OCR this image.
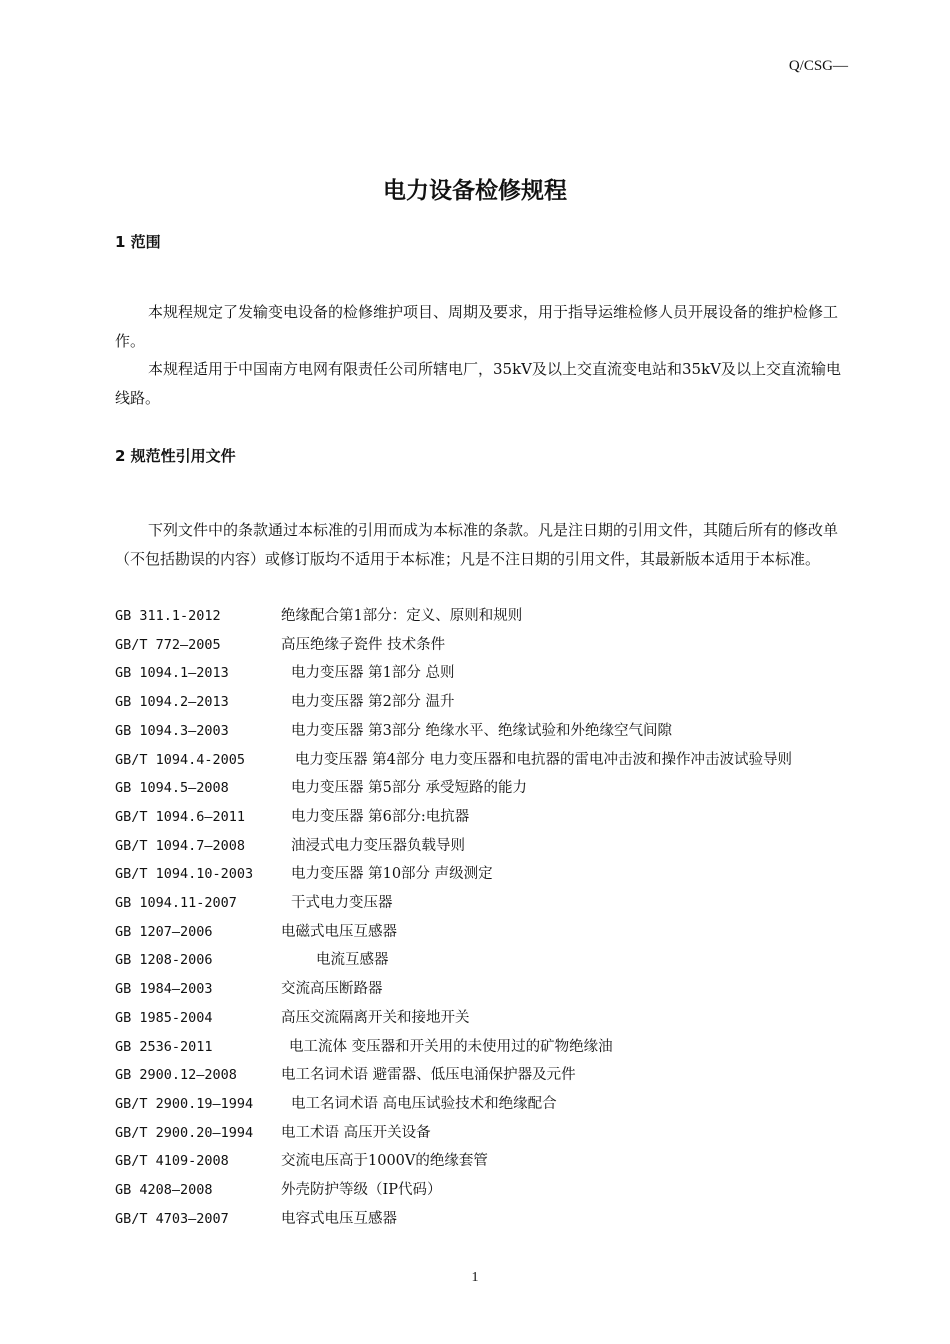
Q/CSG—
电力设备检修规程
1 范围

本规程规定了发输变电设备的检修维护项目、周期及要求，用于指导运维检修人员开展设备的维护检修工作。

本规程适用于中国南方电网有限责任公司所辖电厂，35kV及以上交直流变电站和35kV及以上交直流输电线路。

2 规范性引用文件

下列文件中的条款通过本标准的引用而成为本标准的条款。凡是注日期的引用文件，其随后所有的修改单（不包括勘误的内容）或修订版均不适用于本标准；凡是不注日期的引用文件，其最新版本适用于本标准。

GB 311.1-2012	绝缘配合第1部分：定义、原则和规则
GB/T 772—2005	高压绝缘子瓷件 技术条件
GB 1094.1—2013	电力变压器 第1部分 总则
GB 1094.2—2013	电力变压器 第2部分 温升
GB 1094.3—2003	电力变压器 第3部分 绝缘水平、绝缘试验和外绝缘空气间隙
GB/T 1094.4-2005	电力变压器 第4部分 电力变压器和电抗器的雷电冲击波和操作冲击波试验导则
GB 1094.5—2008	电力变压器 第5部分 承受短路的能力
GB/T 1094.6—2011	电力变压器 第6部分:电抗器
GB/T 1094.7—2008	油浸式电力变压器负载导则
GB/T 1094.10-2003	电力变压器 第10部分 声级测定
GB 1094.11-2007	干式电力变压器
GB 1207—2006	电磁式电压互感器
GB 1208-2006	电流互感器
GB 1984—2003	交流高压断路器
GB 1985-2004	高压交流隔离开关和接地开关
GB 2536-2011	电工流体 变压器和开关用的未使用过的矿物绝缘油
GB 2900.12—2008	电工名词术语 避雷器、低压电涌保护器及元件
GB/T 2900.19—1994	电工名词术语 高电压试验技术和绝缘配合
GB/T 2900.20—1994	电工术语 高压开关设备
GB/T 4109-2008	交流电压高于1000V的绝缘套管
GB 4208—2008	外壳防护等级（IP代码）
GB/T 4703—2007	电容式电压互感器
1
